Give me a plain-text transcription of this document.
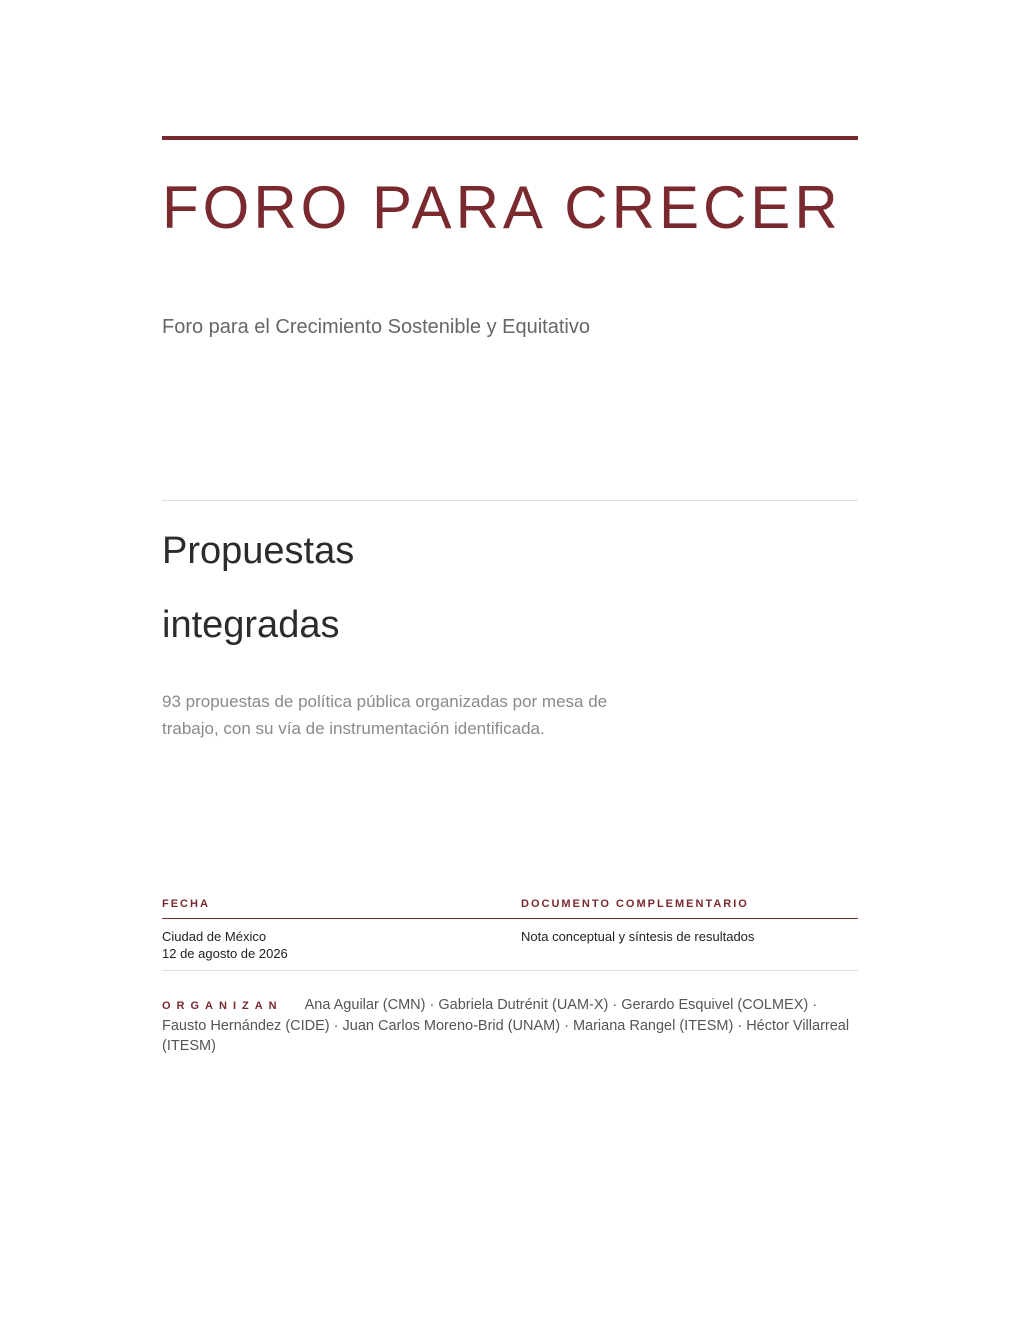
FORO PARA CRECER

Foro para el Crecimiento Sostenible y Equitativo

Propuestas
integradas

93 propuestas de política pública organizadas por mesa de trabajo, con su vía de instrumentación identificada.

FECHA	DOCUMENTO COMPLEMENTARIO
Ciudad de México
12 de agosto de 2026
Nota conceptual y síntesis de resultados
ORGANIZAN Ana Aguilar (CMN) · Gabriela Dutrénit (UAM-X) · Gerardo Esquivel (COLMEX) · Fausto Hernández (CIDE) · Juan Carlos Moreno-Brid (UNAM) · Mariana Rangel (ITESM) · Héctor Villarreal (ITESM)
